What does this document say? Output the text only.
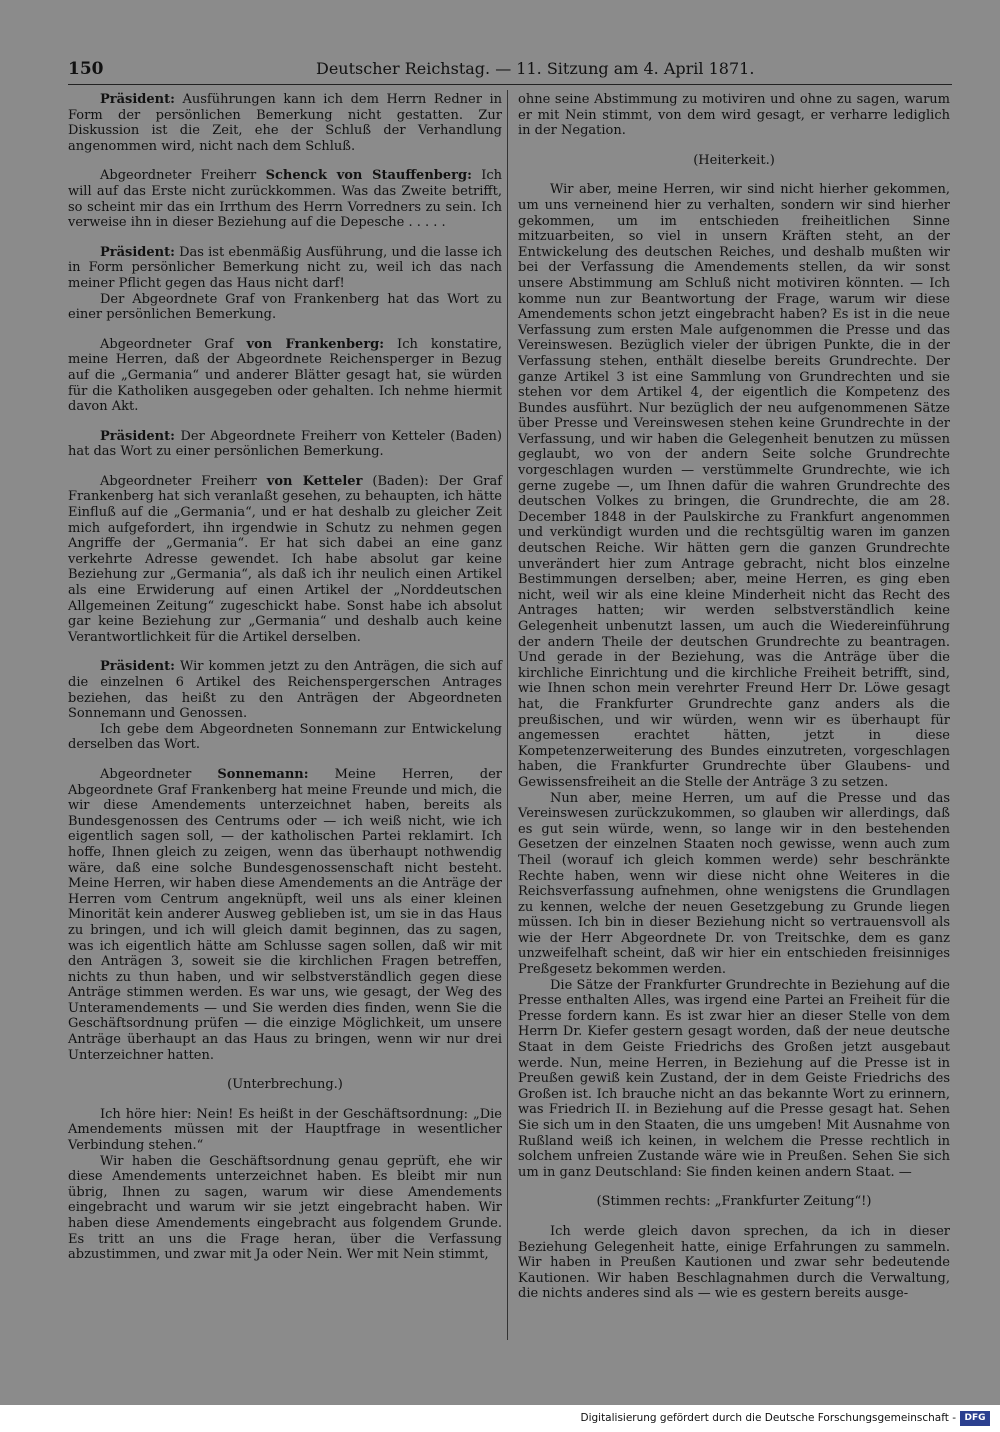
150	Deutscher Reichstag. — 11. Sitzung am 4. April 1871.

Präsident: Ausführungen kann ich dem Herrn Redner in Form der persönlichen Bemerkung nicht gestatten. Zur Diskussion ist die Zeit, ehe der Schluß der Verhandlung angenommen wird, nicht nach dem Schluß.

Abgeordneter Freiherr Schenck von Stauffenberg: Ich will auf das Erste nicht zurückkommen. Was das Zweite betrifft, so scheint mir das ein Irrthum des Herrn Vorredners zu sein. Ich verweise ihn in dieser Beziehung auf die Depesche . . . . .

Präsident: Das ist ebenmäßig Ausführung, und die lasse ich in Form persönlicher Bemerkung nicht zu, weil ich das nach meiner Pflicht gegen das Haus nicht darf!

Der Abgeordnete Graf von Frankenberg hat das Wort zu einer persönlichen Bemerkung.

Abgeordneter Graf von Frankenberg: Ich konstatire, meine Herren, daß der Abgeordnete Reichensperger in Bezug auf die „Germania“ und anderer Blätter gesagt hat, sie würden für die Katholiken ausgegeben oder gehalten. Ich nehme hiermit davon Akt.

Präsident: Der Abgeordnete Freiherr von Ketteler (Baden) hat das Wort zu einer persönlichen Bemerkung.

Abgeordneter Freiherr von Ketteler (Baden): Der Graf Frankenberg hat sich veranlaßt gesehen, zu behaupten, ich hätte Einfluß auf die „Germania“, und er hat deshalb zu gleicher Zeit mich aufgefordert, ihn irgendwie in Schutz zu nehmen gegen Angriffe der „Germania“. Er hat sich dabei an eine ganz verkehrte Adresse gewendet. Ich habe absolut gar keine Beziehung zur „Germania“, als daß ich ihr neulich einen Artikel als eine Erwiderung auf einen Artikel der „Norddeutschen Allgemeinen Zeitung“ zugeschickt habe. Sonst habe ich absolut gar keine Beziehung zur „Germania“ und deshalb auch keine Verantwortlichkeit für die Artikel derselben.

Präsident: Wir kommen jetzt zu den Anträgen, die sich auf die einzelnen 6 Artikel des Reichenspergerschen Antrages beziehen, das heißt zu den Anträgen der Abgeordneten Sonnemann und Genossen.

Ich gebe dem Abgeordneten Sonnemann zur Entwickelung derselben das Wort.

Abgeordneter Sonnemann: Meine Herren, der Abgeordnete Graf Frankenberg hat meine Freunde und mich, die wir diese Amendements unterzeichnet haben, bereits als Bundesgenossen des Centrums oder — ich weiß nicht, wie ich eigentlich sagen soll, — der katholischen Partei reklamirt. Ich hoffe, Ihnen gleich zu zeigen, wenn das überhaupt nothwendig wäre, daß eine solche Bundesgenossenschaft nicht besteht. Meine Herren, wir haben diese Amendements an die Anträge der Herren vom Centrum angeknüpft, weil uns als einer kleinen Minorität kein anderer Ausweg geblieben ist, um sie in das Haus zu bringen, und ich will gleich damit beginnen, das zu sagen, was ich eigentlich hätte am Schlusse sagen sollen, daß wir mit den Anträgen 3, soweit sie die kirchlichen Fragen betreffen, nichts zu thun haben, und wir selbstverständlich gegen diese Anträge stimmen werden. Es war uns, wie gesagt, der Weg des Unteramendements — und Sie werden dies finden, wenn Sie die Geschäftsordnung prüfen — die einzige Möglichkeit, um unsere Anträge überhaupt an das Haus zu bringen, wenn wir nur drei Unterzeichner hatten.

(Unterbrechung.)

Ich höre hier: Nein! Es heißt in der Geschäftsordnung: „Die Amendements müssen mit der Hauptfrage in wesentlicher Verbindung stehen.“

Wir haben die Geschäftsordnung genau geprüft, ehe wir diese Amendements unterzeichnet haben. Es bleibt mir nun übrig, Ihnen zu sagen, warum wir diese Amendements eingebracht und warum wir sie jetzt eingebracht haben. Wir haben diese Amendements eingebracht aus folgendem Grunde. Es tritt an uns die Frage heran, über die Verfassung abzustimmen, und zwar mit Ja oder Nein. Wer mit Nein stimmt,

ohne seine Abstimmung zu motiviren und ohne zu sagen, warum er mit Nein stimmt, von dem wird gesagt, er verharre lediglich in der Negation.

(Heiterkeit.)

Wir aber, meine Herren, wir sind nicht hierher gekommen, um uns verneinend hier zu verhalten, sondern wir sind hierher gekommen, um im entschieden freiheitlichen Sinne mitzuarbeiten, so viel in unsern Kräften steht, an der Entwickelung des deutschen Reiches, und deshalb mußten wir bei der Verfassung die Amendements stellen, da wir sonst unsere Abstimmung am Schluß nicht motiviren könnten. — Ich komme nun zur Beantwortung der Frage, warum wir diese Amendements schon jetzt eingebracht haben? Es ist in die neue Verfassung zum ersten Male aufgenommen die Presse und das Vereinswesen. Bezüglich vieler der übrigen Punkte, die in der Verfassung stehen, enthält dieselbe bereits Grundrechte. Der ganze Artikel 3 ist eine Sammlung von Grundrechten und sie stehen vor dem Artikel 4, der eigentlich die Kompetenz des Bundes ausführt. Nur bezüglich der neu aufgenommenen Sätze über Presse und Vereinswesen stehen keine Grundrechte in der Verfassung, und wir haben die Gelegenheit benutzen zu müssen geglaubt, wo von der andern Seite solche Grundrechte vorgeschlagen wurden — verstümmelte Grundrechte, wie ich gerne zugebe —, um Ihnen dafür die wahren Grundrechte des deutschen Volkes zu bringen, die Grundrechte, die am 28. December 1848 in der Paulskirche zu Frankfurt angenommen und verkündigt wurden und die rechtsgültig waren im ganzen deutschen Reiche. Wir hätten gern die ganzen Grundrechte unverändert hier zum Antrage gebracht, nicht blos einzelne Bestimmungen derselben; aber, meine Herren, es ging eben nicht, weil wir als eine kleine Minderheit nicht das Recht des Antrages hatten; wir werden selbstverständlich keine Gelegenheit unbenutzt lassen, um auch die Wiedereinführung der andern Theile der deutschen Grundrechte zu beantragen. Und gerade in der Beziehung, was die Anträge über die kirchliche Einrichtung und die kirchliche Freiheit betrifft, sind, wie Ihnen schon mein verehrter Freund Herr Dr. Löwe gesagt hat, die Frankfurter Grundrechte ganz anders als die preußischen, und wir würden, wenn wir es überhaupt für angemessen erachtet hätten, jetzt in diese Kompetenzerweiterung des Bundes einzutreten, vorgeschlagen haben, die Frankfurter Grundrechte über Glaubens- und Gewissensfreiheit an die Stelle der Anträge 3 zu setzen.

Nun aber, meine Herren, um auf die Presse und das Vereinswesen zurückzukommen, so glauben wir allerdings, daß es gut sein würde, wenn, so lange wir in den bestehenden Gesetzen der einzelnen Staaten noch gewisse, wenn auch zum Theil (worauf ich gleich kommen werde) sehr beschränkte Rechte haben, wenn wir diese nicht ohne Weiteres in die Reichsverfassung aufnehmen, ohne wenigstens die Grundlagen zu kennen, welche der neuen Gesetzgebung zu Grunde liegen müssen. Ich bin in dieser Beziehung nicht so vertrauensvoll als wie der Herr Abgeordnete Dr. von Treitschke, dem es ganz unzweifelhaft scheint, daß wir hier ein entschieden freisinniges Preßgesetz bekommen werden.

Die Sätze der Frankfurter Grundrechte in Beziehung auf die Presse enthalten Alles, was irgend eine Partei an Freiheit für die Presse fordern kann. Es ist zwar hier an dieser Stelle von dem Herrn Dr. Kiefer gestern gesagt worden, daß der neue deutsche Staat in dem Geiste Friedrichs des Großen jetzt ausgebaut werde. Nun, meine Herren, in Beziehung auf die Presse ist in Preußen gewiß kein Zustand, der in dem Geiste Friedrichs des Großen ist. Ich brauche nicht an das bekannte Wort zu erinnern, was Friedrich II. in Beziehung auf die Presse gesagt hat. Sehen Sie sich um in den Staaten, die uns umgeben! Mit Ausnahme von Rußland weiß ich keinen, in welchem die Presse rechtlich in solchem unfreien Zustande wäre wie in Preußen. Sehen Sie sich um in ganz Deutschland: Sie finden keinen andern Staat. —

(Stimmen rechts: „Frankfurter Zeitung“!)

Ich werde gleich davon sprechen, da ich in dieser Beziehung Gelegenheit hatte, einige Erfahrungen zu sammeln. Wir haben in Preußen Kautionen und zwar sehr bedeutende Kautionen. Wir haben Beschlagnahmen durch die Verwaltung, die nichts anderes sind als — wie es gestern bereits ausge-

Digitalisierung gefördert durch die Deutsche Forschungsgemeinschaft - DFG
